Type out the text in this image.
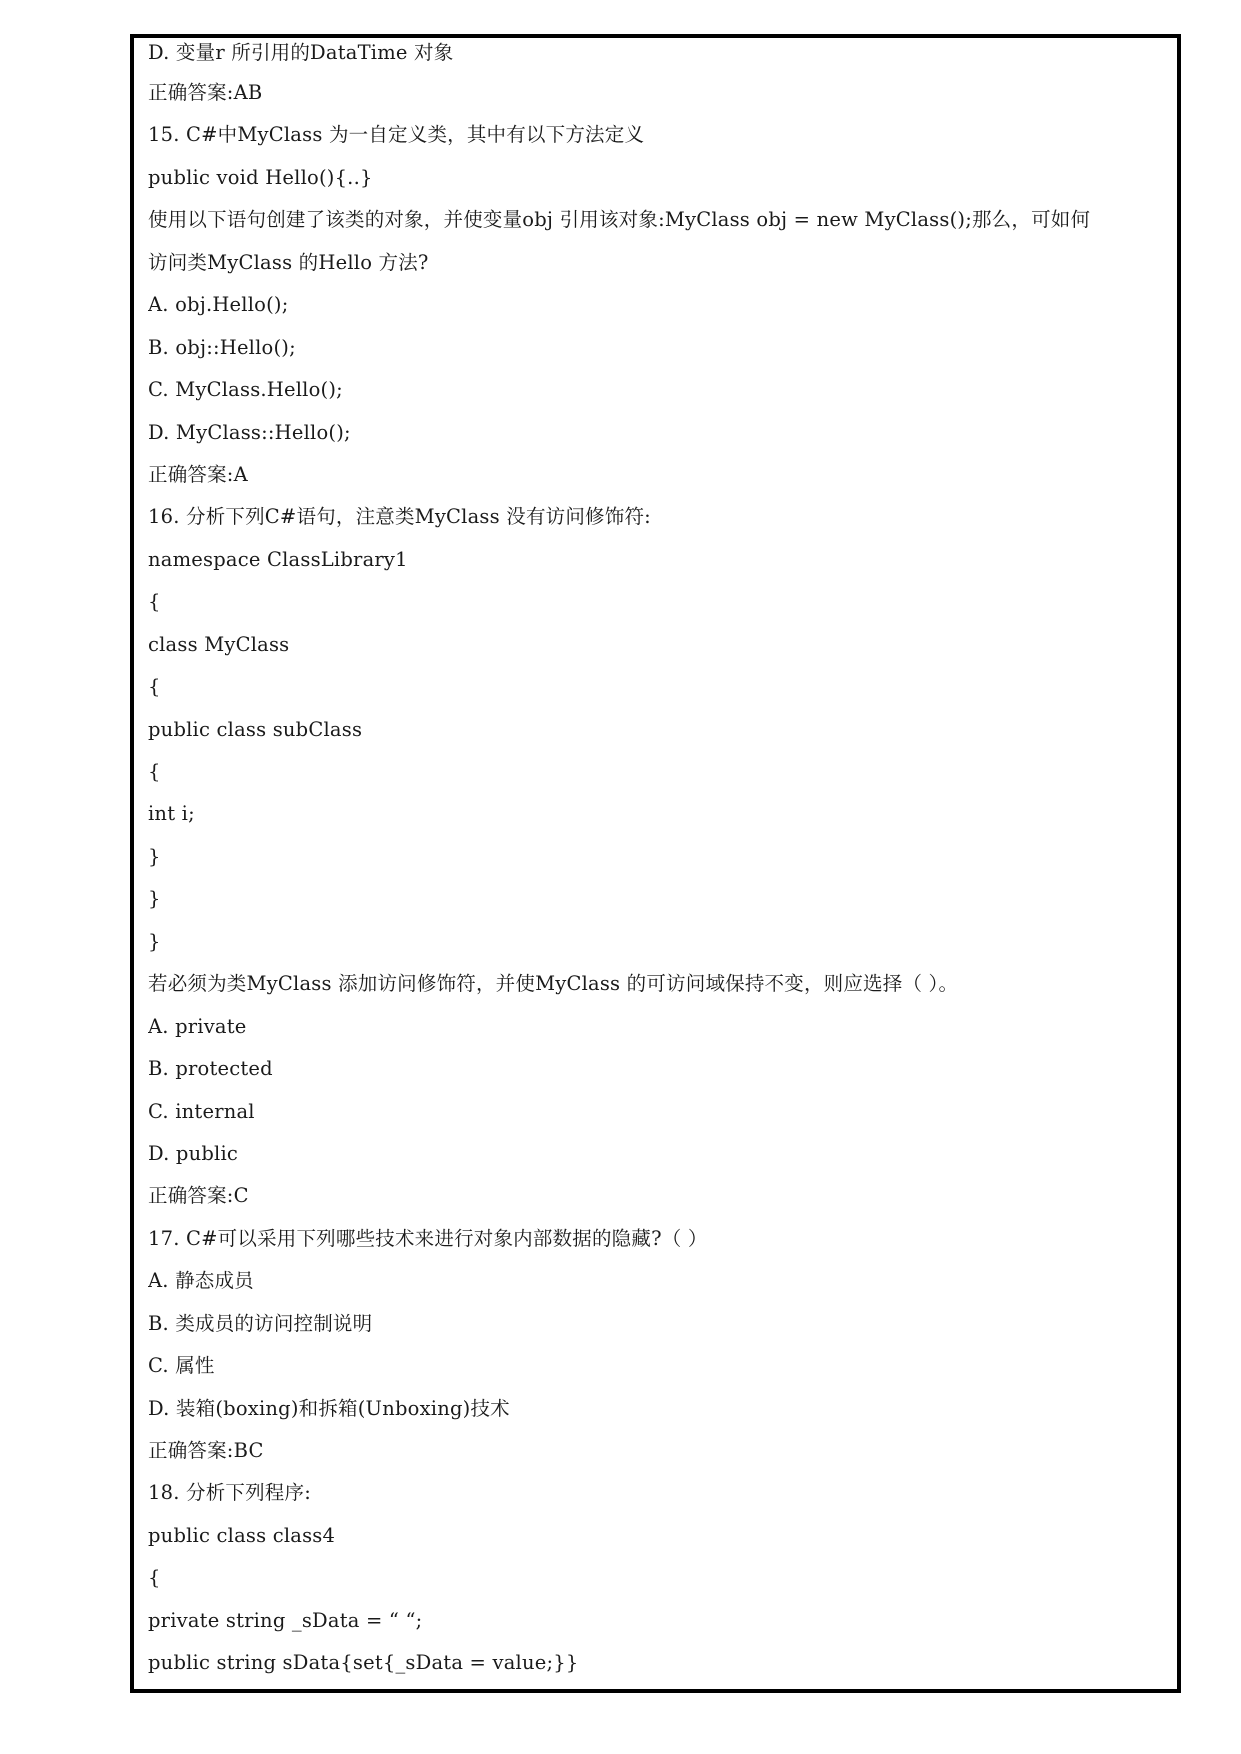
D. 变量r 所引用的DataTime 对象
正确答案:AB
15. C#中MyClass 为一自定义类，其中有以下方法定义
public void Hello(){..}
使用以下语句创建了该类的对象，并使变量obj 引用该对象:MyClass obj = new MyClass();那么，可如何
访问类MyClass 的Hello 方法?
A. obj.Hello();
B. obj::Hello();
C. MyClass.Hello();
D. MyClass::Hello();
正确答案:A
16. 分析下列C#语句，注意类MyClass 没有访问修饰符:
namespace ClassLibrary1
{
class MyClass
{
public class subClass
{
int i;
}
}
}
若必须为类MyClass 添加访问修饰符，并使MyClass 的可访问域保持不变，则应选择（ ）。
A. private
B. protected
C. internal
D. public
正确答案:C
17. C#可以采用下列哪些技术来进行对象内部数据的隐藏?（ ）
A. 静态成员
B. 类成员的访问控制说明
C. 属性
D. 装箱(boxing)和拆箱(Unboxing)技术
正确答案:BC
18. 分析下列程序:
public class class4
{
private string _sData = “ “;
public string sData{set{_sData = value;}}
